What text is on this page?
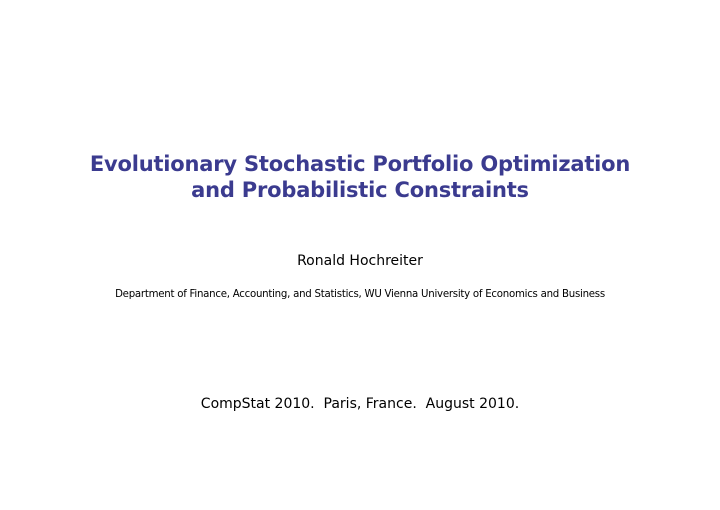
Evolutionary Stochastic Portfolio Optimization
and Probabilistic Constraints
Ronald Hochreiter
Department of Finance, Accounting, and Statistics, WU Vienna University of Economics and Business
CompStat 2010.  Paris, France.  August 2010.
